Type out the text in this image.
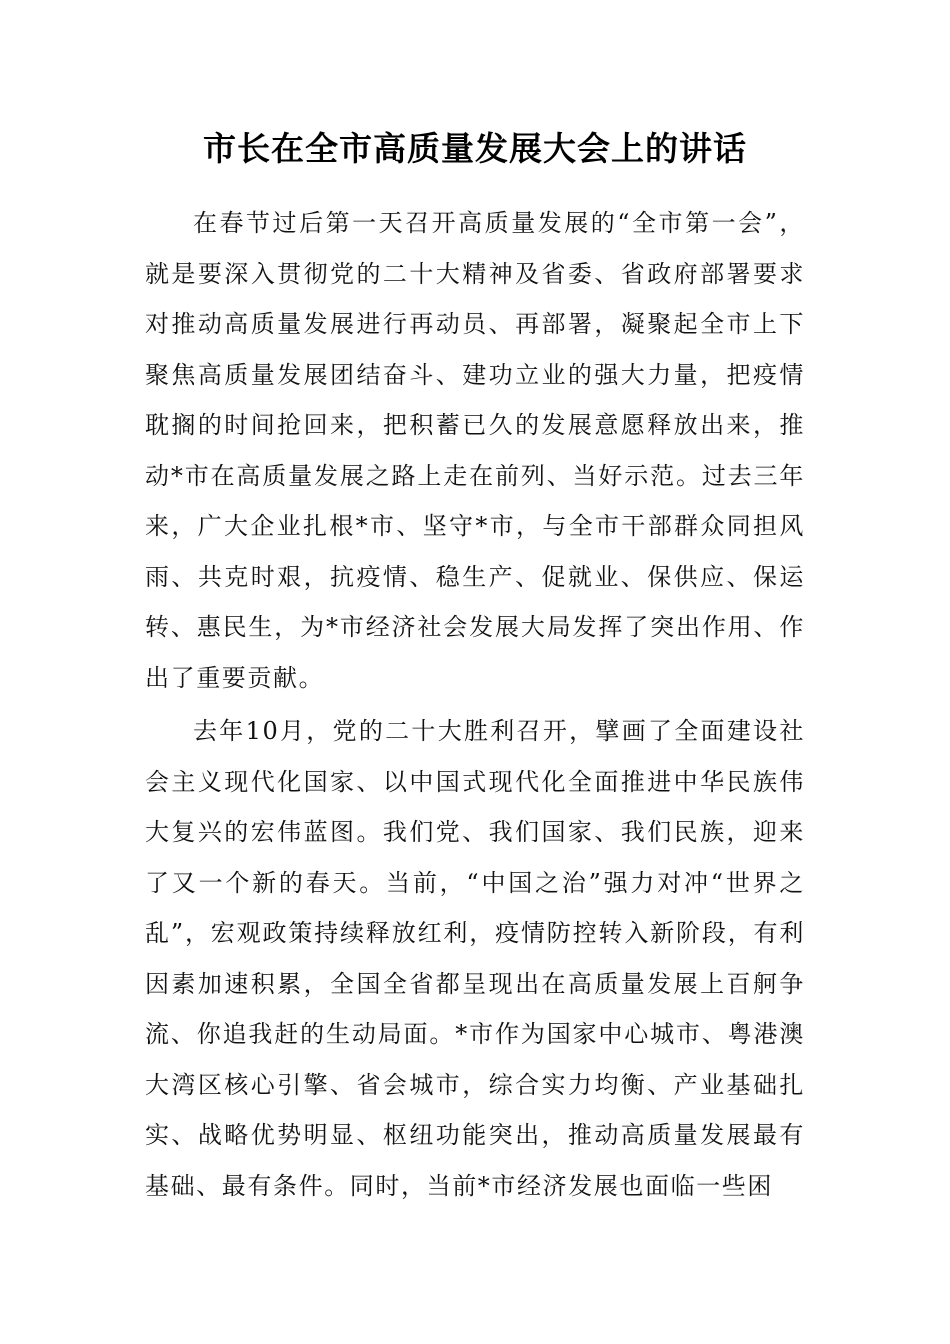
市长在全市高质量发展大会上的讲话

在春节过后第一天召开高质量发展的“全市第一会”，就是要深入贯彻党的二十大精神及省委、省政府部署要求对推动高质量发展进行再动员、再部署，凝聚起全市上下聚焦高质量发展团结奋斗、建功立业的强大力量，把疫情耽搁的时间抢回来，把积蓄已久的发展意愿释放出来，推动*市在高质量发展之路上走在前列、当好示范。过去三年来，广大企业扎根*市、坚守*市，与全市干部群众同担风雨、共克时艰，抗疫情、稳生产、促就业、保供应、保运转、惠民生，为*市经济社会发展大局发挥了突出作用、作出了重要贡献。

去年10月，党的二十大胜利召开，擘画了全面建设社会主义现代化国家、以中国式现代化全面推进中华民族伟大复兴的宏伟蓝图。我们党、我们国家、我们民族，迎来了又一个新的春天。当前，“中国之治”强力对冲“世界之乱”，宏观政策持续释放红利，疫情防控转入新阶段，有利因素加速积累，全国全省都呈现出在高质量发展上百舸争流、你追我赶的生动局面。*市作为国家中心城市、粤港澳大湾区核心引擎、省会城市，综合实力均衡、产业基础扎实、战略优势明显、枢纽功能突出，推动高质量发展最有基础、最有条件。同时，当前*市经济发展也面临一些困
